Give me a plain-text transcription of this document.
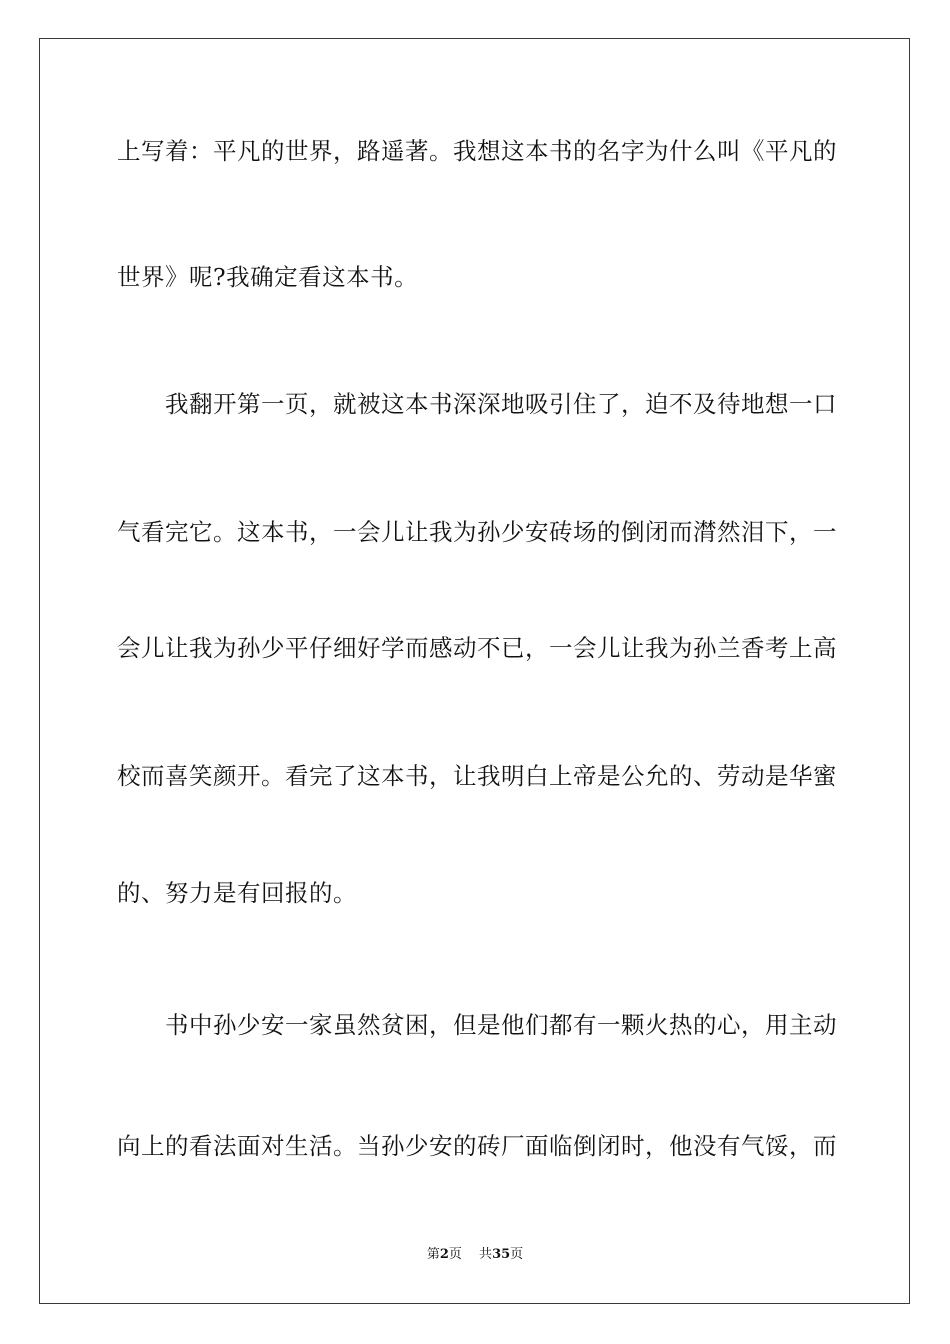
上写着：平凡的世界，路遥著。我想这本书的名字为什么叫《平凡的
世界》呢?我确定看这本书。
　　我翻开第一页，就被这本书深深地吸引住了，迫不及待地想一口
气看完它。这本书，一会儿让我为孙少安砖场的倒闭而潸然泪下，一
会儿让我为孙少平仔细好学而感动不已，一会儿让我为孙兰香考上高
校而喜笑颜开。看完了这本书，让我明白上帝是公允的、劳动是华蜜
的、努力是有回报的。
　　书中孙少安一家虽然贫困，但是他们都有一颗火热的心，用主动
向上的看法面对生活。当孙少安的砖厂面临倒闭时，他没有气馁，而
第2页   共35页
